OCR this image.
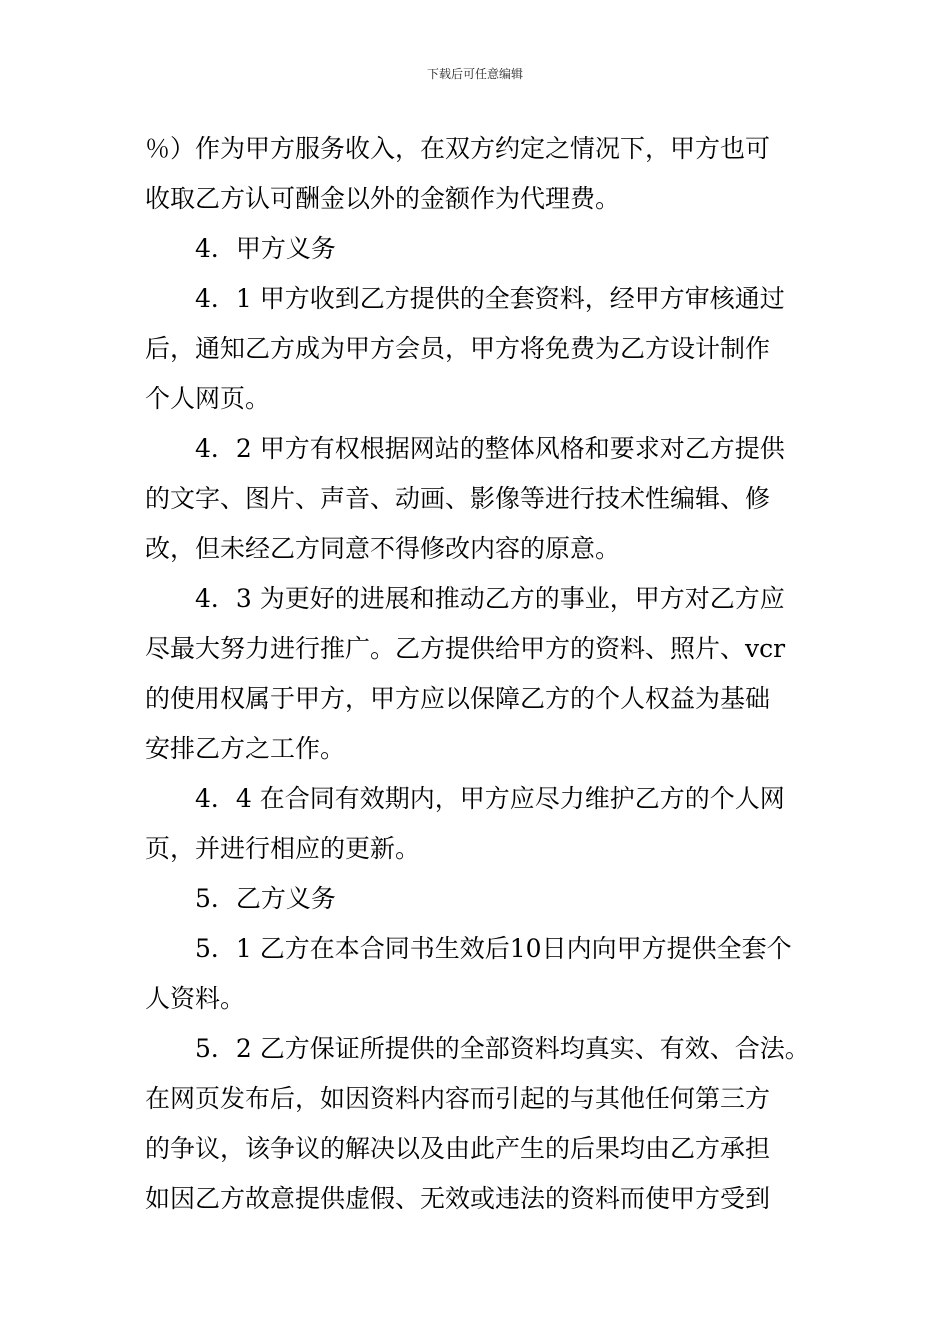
下载后可任意编辑
％）作为甲方服务收入，在双方约定之情况下，甲方也可
收取乙方认可酬金以外的金额作为代理费。
4．甲方义务
4．1 甲方收到乙方提供的全套资料，经甲方审核通过
后，通知乙方成为甲方会员，甲方将免费为乙方设计制作
个人网页。
4．2 甲方有权根据网站的整体风格和要求对乙方提供
的文字、图片、声音、动画、影像等进行技术性编辑、修
改，但未经乙方同意不得修改内容的原意。
4．3 为更好的进展和推动乙方的事业，甲方对乙方应
尽最大努力进行推广。乙方提供给甲方的资料、照片、vcr
的使用权属于甲方，甲方应以保障乙方的个人权益为基础
安排乙方之工作。
4．4 在合同有效期内，甲方应尽力维护乙方的个人网
页，并进行相应的更新。
5．乙方义务
5．1 乙方在本合同书生效后10日内向甲方提供全套个
人资料。
5．2 乙方保证所提供的全部资料均真实、有效、合法。
在网页发布后，如因资料内容而引起的与其他任何第三方
的争议，该争议的解决以及由此产生的后果均由乙方承担
如因乙方故意提供虚假、无效或违法的资料而使甲方受到
